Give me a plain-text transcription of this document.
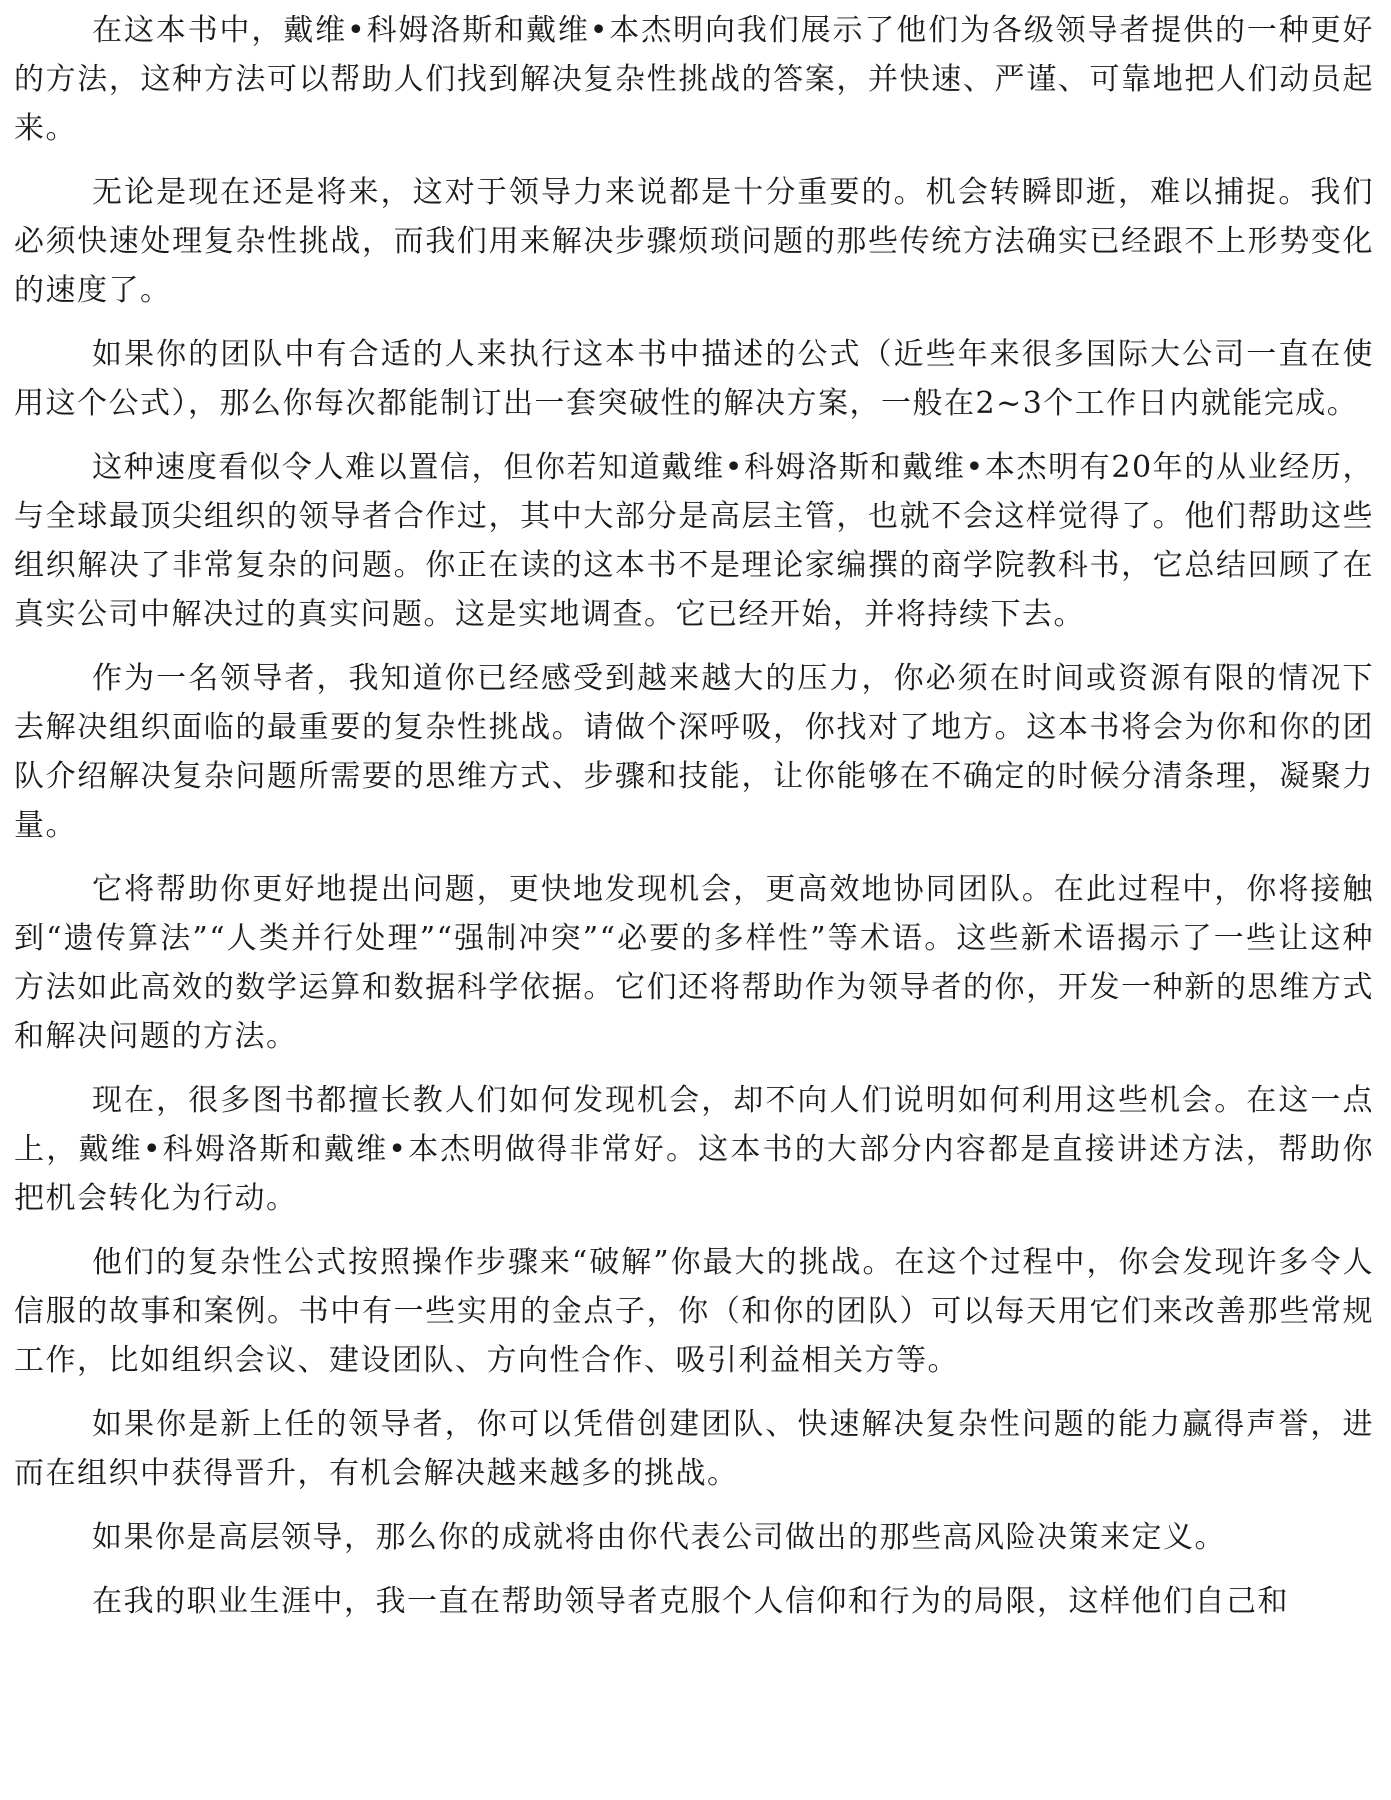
在这本书中，戴维•科姆洛斯和戴维•本杰明向我们展示了他们为各级领导者提供的一种更好的方法，这种方法可以帮助人们找到解决复杂性挑战的答案，并快速、严谨、可靠地把人们动员起来。

无论是现在还是将来，这对于领导力来说都是十分重要的。机会转瞬即逝，难以捕捉。我们必须快速处理复杂性挑战，而我们用来解决步骤烦琐问题的那些传统方法确实已经跟不上形势变化的速度了。

如果你的团队中有合适的人来执行这本书中描述的公式（近些年来很多国际大公司一直在使用这个公式），那么你每次都能制订出一套突破性的解决方案，一般在2~3个工作日内就能完成。

这种速度看似令人难以置信，但你若知道戴维•科姆洛斯和戴维•本杰明有20年的从业经历，与全球最顶尖组织的领导者合作过，其中大部分是高层主管，也就不会这样觉得了。他们帮助这些组织解决了非常复杂的问题。你正在读的这本书不是理论家编撰的商学院教科书，它总结回顾了在真实公司中解决过的真实问题。这是实地调查。它已经开始，并将持续下去。

作为一名领导者，我知道你已经感受到越来越大的压力，你必须在时间或资源有限的情况下去解决组织面临的最重要的复杂性挑战。请做个深呼吸，你找对了地方。这本书将会为你和你的团队介绍解决复杂问题所需要的思维方式、步骤和技能，让你能够在不确定的时候分清条理，凝聚力量。

它将帮助你更好地提出问题，更快地发现机会，更高效地协同团队。在此过程中，你将接触到“遗传算法”“人类并行处理”“强制冲突”“必要的多样性”等术语。这些新术语揭示了一些让这种方法如此高效的数学运算和数据科学依据。它们还将帮助作为领导者的你，开发一种新的思维方式和解决问题的方法。

现在，很多图书都擅长教人们如何发现机会，却不向人们说明如何利用这些机会。在这一点上，戴维•科姆洛斯和戴维•本杰明做得非常好。这本书的大部分内容都是直接讲述方法，帮助你把机会转化为行动。

他们的复杂性公式按照操作步骤来“破解”你最大的挑战。在这个过程中，你会发现许多令人信服的故事和案例。书中有一些实用的金点子，你（和你的团队）可以每天用它们来改善那些常规工作，比如组织会议、建设团队、方向性合作、吸引利益相关方等。

如果你是新上任的领导者，你可以凭借创建团队、快速解决复杂性问题的能力赢得声誉，进而在组织中获得晋升，有机会解决越来越多的挑战。

如果你是高层领导，那么你的成就将由你代表公司做出的那些高风险决策来定义。

在我的职业生涯中，我一直在帮助领导者克服个人信仰和行为的局限，这样他们自己和
